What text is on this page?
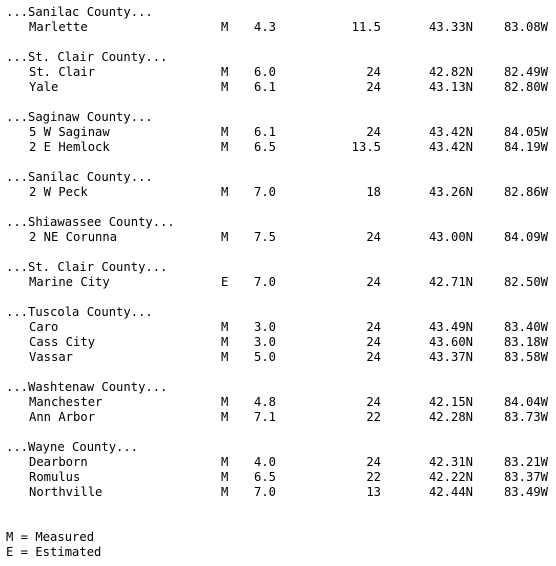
...Sanilac County...
Marlette	M	4.3	11.5	43.33N	83.08W
...St. Clair County...
St. Clair	M	6.0	24	42.82N	82.49W
Yale	M	6.1	24	43.13N	82.80W
...Saginaw County...
5 W Saginaw	M	6.1	24	43.42N	84.05W
2 E Hemlock	M	6.5	13.5	43.42N	84.19W
...Sanilac County...
2 W Peck	M	7.0	18	43.26N	82.86W
...Shiawassee County...
2 NE Corunna	M	7.5	24	43.00N	84.09W
...St. Clair County...
Marine City	E	7.0	24	42.71N	82.50W
...Tuscola County...
Caro	M	3.0	24	43.49N	83.40W
Cass City	M	3.0	24	43.60N	83.18W
Vassar	M	5.0	24	43.37N	83.58W
...Washtenaw County...
Manchester	M	4.8	24	42.15N	84.04W
Ann Arbor	M	7.1	22	42.28N	83.73W
...Wayne County...
Dearborn	M	4.0	24	42.31N	83.21W
Romulus	M	6.5	22	42.22N	83.37W
Northville	M	7.0	13	42.44N	83.49W
M = Measured
E = Estimated
